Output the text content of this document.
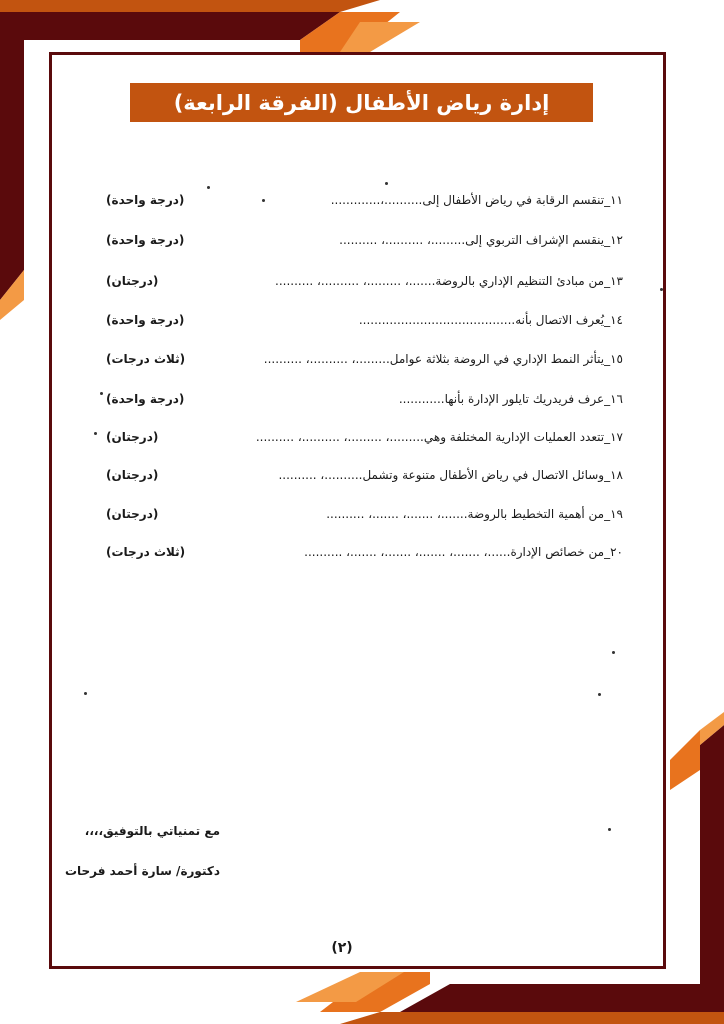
إدارة رياض الأطفال (الفرقة الرابعة)
١١_تنقسم الرقابة في رياض الأطفال إلى..........،.............
(درجة واحدة)
١٢_ينقسم الإشراف التربوي إلى.........، ..........، ..........
(درجة واحدة)
١٣_من مبادئ التنظيم الإداري بالروضة.......، .........، ..........، ..........
(درجتان)
١٤_يُعرف الاتصال بأنه.........................................
(درجة واحدة)
١٥_يتأثر النمط الإداري في الروضة بثلاثة عوامل.........، ..........، ..........
(ثلاث درجات)
١٦_عرف فريدريك تايلور الإدارة بأنها............
(درجة واحدة)
١٧_تتعدد العمليات الإدارية المختلفة وهي.........، .........، ..........، ..........
(درجتان)
١٨_وسائل الاتصال في رياض الأطفال متنوعة وتشمل..........، ..........
(درجتان)
١٩_من أهمية التخطيط بالروضة.......، .......، .......، ..........
(درجتان)
٢٠_من خصائص الإدارة......، .......، .......، .......، .......، ..........
(ثلاث درجات)
مع تمنياتي بالتوفيق،،،،
دكتورة/ سارة أحمد فرحات
(٢)
